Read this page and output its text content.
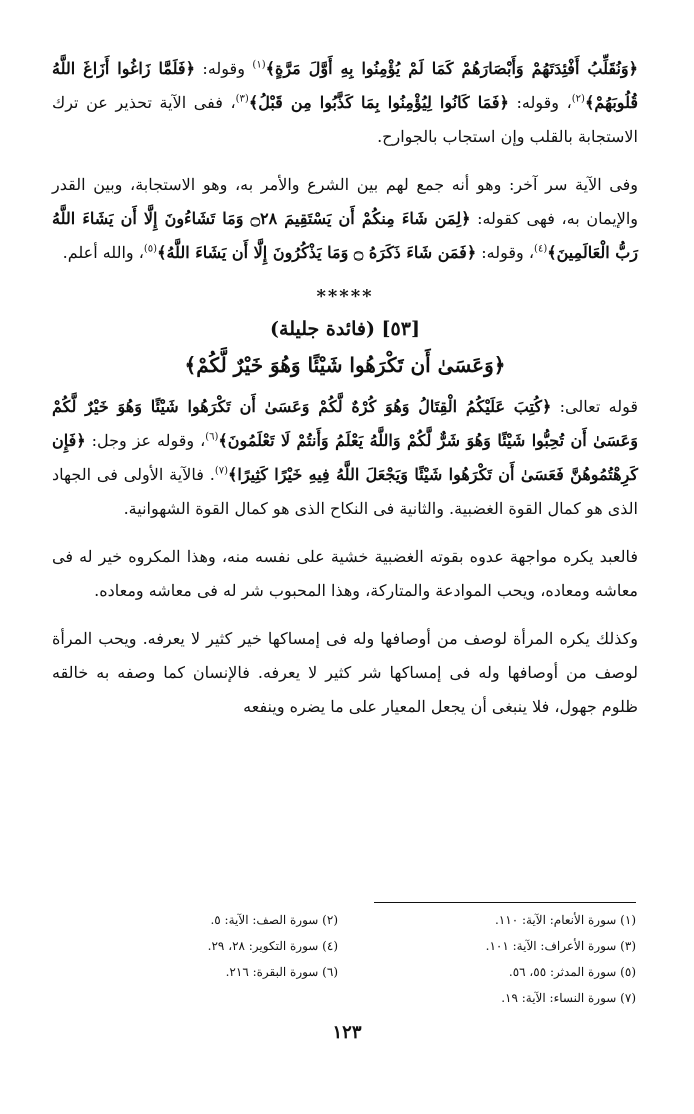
﴿وَنُقَلِّبُ أَفْئِدَتَهُمْ وَأَبْصَارَهُمْ كَمَا لَمْ يُؤْمِنُوا بِهِ أَوَّلَ مَرَّةٍ﴾$^{(١)}$ وقوله: ﴿فَلَمَّا زَاغُوا أَزَاغَ اللَّهُ قُلُوبَهُمْ﴾$^{(٢)}$، وقوله: ﴿فَمَا كَانُوا لِيُؤْمِنُوا بِمَا كَذَّبُوا مِن قَبْلُ﴾$^{(٣)}$، ففى الآية تحذير عن ترك الاستجابة بالقلب وإن استجاب بالجوارح.

وفى الآية سر آخر: وهو أنه جمع لهم بين الشرع والأمر به، وهو الاستجابة، وبين القدر والإيمان به، فهى كقوله: ﴿لِمَن شَاءَ مِنكُمْ أَن يَسْتَقِيمَ ۝٢٨ وَمَا تَشَاءُونَ إِلَّا أَن يَشَاءَ اللَّهُ رَبُّ الْعَالَمِينَ﴾$^{(٤)}$، وقوله: ﴿فَمَن شَاءَ ذَكَرَهُ ۝ وَمَا يَذْكُرُونَ إِلَّا أَن يَشَاءَ اللَّهُ﴾$^{(٥)}$، والله أعلم.

*****
[٥٣] (فائدة جليلة)
﴿وَعَسَىٰ أَن تَكْرَهُوا شَيْئًا وَهُوَ خَيْرٌ لَّكُمْ﴾

قوله تعالى: ﴿كُتِبَ عَلَيْكُمُ الْقِتَالُ وَهُوَ كُرْهٌ لَّكُمْ وَعَسَىٰ أَن تَكْرَهُوا شَيْئًا وَهُوَ خَيْرٌ لَّكُمْ وَعَسَىٰ أَن تُحِبُّوا شَيْئًا وَهُوَ شَرٌّ لَّكُمْ وَاللَّهُ يَعْلَمُ وَأَنتُمْ لَا تَعْلَمُونَ﴾$^{(٦)}$، وقوله عز وجل: ﴿فَإِن كَرِهْتُمُوهُنَّ فَعَسَىٰ أَن تَكْرَهُوا شَيْئًا وَيَجْعَلَ اللَّهُ فِيهِ خَيْرًا كَثِيرًا﴾$^{(٧)}$. فالآية الأولى فى الجهاد الذى هو كمال القوة الغضبية. والثانية فى النكاح الذى هو كمال القوة الشهوانية.

فالعبد يكره مواجهة عدوه بقوته الغضبية خشية على نفسه منه، وهذا المكروه خير له فى معاشه ومعاده، ويحب الموادعة والمتاركة، وهذا المحبوب شر له فى معاشه ومعاده.

وكذلك يكره المرأة لوصف من أوصافها وله فى إمساكها خير كثير لا يعرفه. ويحب المرأة لوصف من أوصافها وله فى إمساكها شر كثير لا يعرفه. فالإنسان كما وصفه به خالقه ظلوم جهول، فلا ينبغى أن يجعل المعيار على ما يضره وينفعه

(١) سورة الأنعام: الآية: ١١٠.
(٢) سورة الصف: الآية: ٥.
(٣) سورة الأعراف: الآية: ١٠١.
(٤) سورة التكوير: ٢٨، ٢٩.
(٥) سورة المدثر: ٥٥، ٥٦.
(٦) سورة البقرة: ٢١٦.
(٧) سورة النساء: الآية: ١٩.
١٢٣
